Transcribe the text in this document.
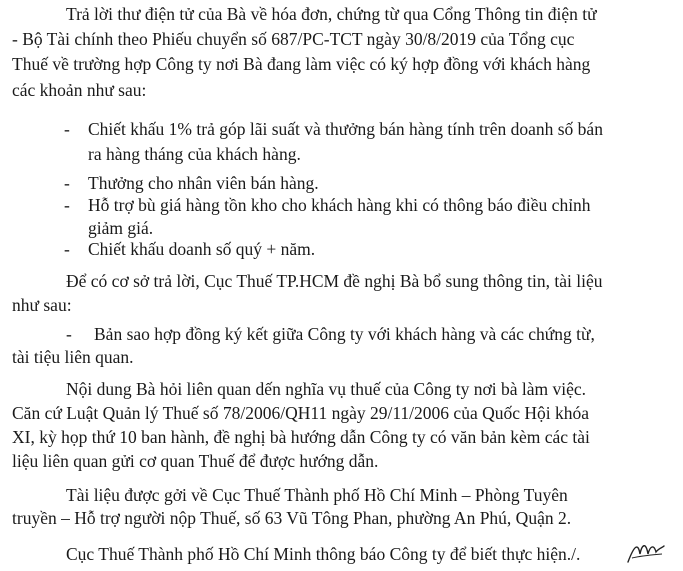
Trả lời thư điện tử của Bà về hóa đơn, chứng từ qua Cổng Thông tin điện tử
- Bộ Tài chính theo Phiếu chuyển số 687/PC-TCT ngày 30/8/2019 của Tổng cục
Thuế về trường hợp Công ty nơi Bà đang làm việc có ký hợp đồng với khách hàng
các khoản như sau:
- Chiết khấu 1% trả góp lãi suất và thưởng bán hàng tính trên doanh số bán
ra hàng tháng của khách hàng.
- Thưởng cho nhân viên bán hàng.
- Hỗ trợ bù giá hàng tồn kho cho khách hàng khi có thông báo điều chỉnh
giảm giá.
- Chiết khấu doanh số quý + năm.
Để có cơ sở trả lời, Cục Thuế TP.HCM đề nghị Bà bổ sung thông tin, tài liệu
như sau:
- Bản sao hợp đồng ký kết giữa Công ty với khách hàng và các chứng từ,
tài tiệu liên quan.
Nội dung Bà hỏi liên quan dến nghĩa vụ thuế của Công ty nơi bà làm việc.
Căn cứ Luật Quản lý Thuế số 78/2006/QH11 ngày 29/11/2006 của Quốc Hội khóa
XI, kỳ họp thứ 10 ban hành, đề nghị bà hướng dẫn Công ty có văn bản kèm các tài
liệu liên quan gửi cơ quan Thuế để được hướng dẫn.
Tài liệu được gởi về Cục Thuế Thành phố Hồ Chí Minh – Phòng Tuyên
truyền – Hỗ trợ người nộp Thuế, số 63 Vũ Tông Phan, phường An Phú, Quận 2.
Cục Thuế Thành phố Hồ Chí Minh thông báo Công ty để biết thực hiện./.
